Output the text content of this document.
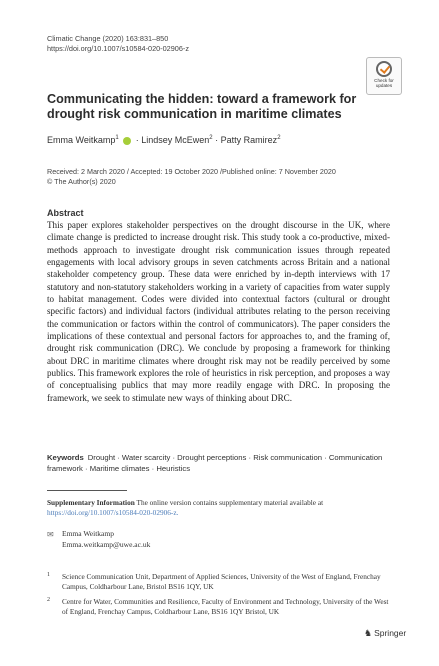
Climatic Change (2020) 163:831–850
https://doi.org/10.1007/s10584-020-02906-z
Check for updates
Communicating the hidden: toward a framework for drought risk communication in maritime climates
Emma Weitkamp$^1$ · Lindsey McEwen$^2$ · Patty Ramirez$^2$
Received: 2 March 2020 / Accepted: 19 October 2020 /Published online: 7 November 2020
© The Author(s) 2020
Abstract
This paper explores stakeholder perspectives on the drought discourse in the UK, where climate change is predicted to increase drought risk. This study took a co-productive, mixed-methods approach to investigate drought risk communication issues through repeated engagements with local advisory groups in seven catchments across Britain and a national stakeholder competency group. These data were enriched by in-depth interviews with 17 statutory and non-statutory stakeholders working in a variety of capacities from water supply to habitat management. Codes were divided into contextual factors (cultural or drought specific factors) and individual factors (individual attributes relating to the person receiving the communication or factors within the control of communicators). The paper considers the implications of these contextual and personal factors for approaches to, and the framing of, drought risk communication (DRC). We conclude by proposing a framework for thinking about DRC in maritime climates where drought risk may not be readily perceived by some publics. This framework explores the role of heuristics in risk perception, and proposes a way of conceptualising publics that may more readily engage with DRC. In proposing the framework, we seek to stimulate new ways of thinking about DRC.
Keywords Drought · Water scarcity · Drought perceptions · Risk communication · Communication framework · Maritime climates · Heuristics
Supplementary Information The online version contains supplementary material available at https://doi.org/10.1007/s10584-020-02906-z.
✉ Emma Weitkamp
Emma.weitkamp@uwe.ac.uk
1 Science Communication Unit, Department of Applied Sciences, University of the West of England, Frenchay Campus, Coldharbour Lane, Bristol BS16 1QY, UK
2 Centre for Water, Communities and Resilience, Faculty of Environment and Technology, University of the West of England, Frenchay Campus, Coldharbour Lane, BS16 1QY Bristol, UK
♞ Springer
